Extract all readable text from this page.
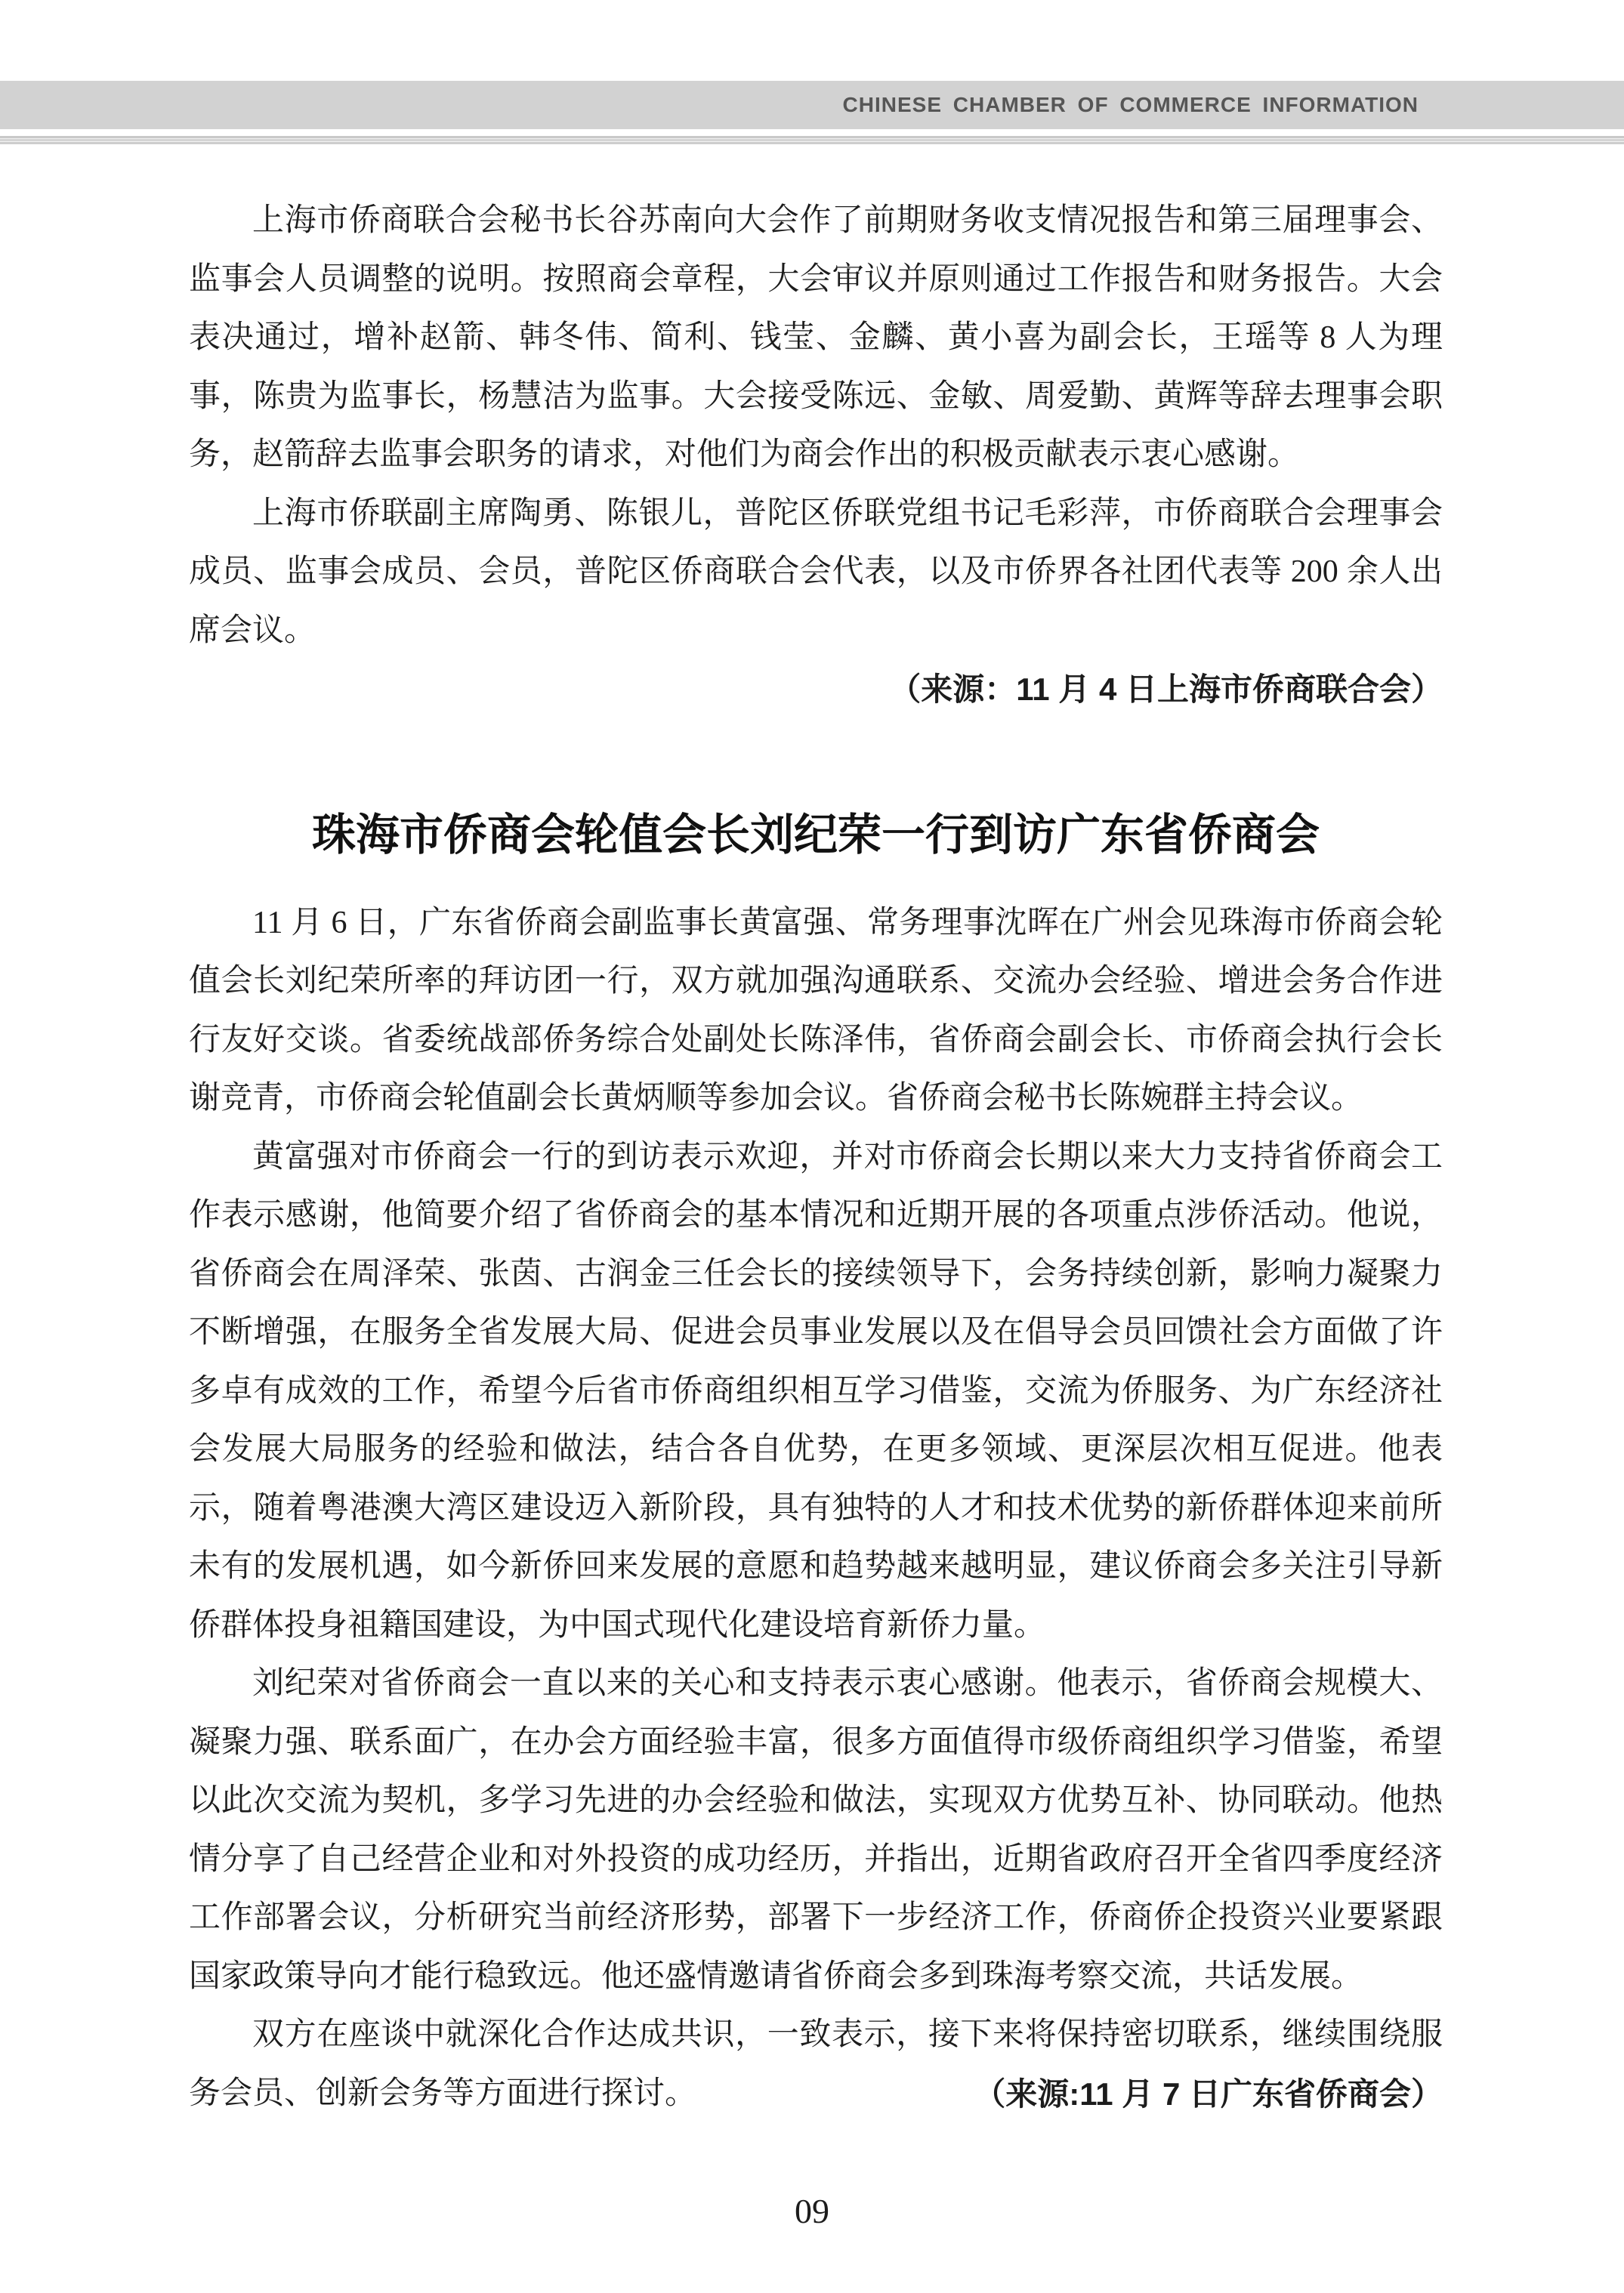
CHINESE CHAMBER OF COMMERCE INFORMATION

上海市侨商联合会秘书长谷苏南向大会作了前期财务收支情况报告和第三届理事会、监事会人员调整的说明。按照商会章程，大会审议并原则通过工作报告和财务报告。大会表决通过，增补赵箭、韩冬伟、简利、钱莹、金麟、黄小喜为副会长，王瑶等 8 人为理事，陈贵为监事长，杨慧洁为监事。大会接受陈远、金敏、周爱勤、黄辉等辞去理事会职务，赵箭辞去监事会职务的请求，对他们为商会作出的积极贡献表示衷心感谢。

上海市侨联副主席陶勇、陈银儿，普陀区侨联党组书记毛彩萍，市侨商联合会理事会成员、监事会成员、会员，普陀区侨商联合会代表，以及市侨界各社团代表等 200 余人出席会议。

（来源：11 月 4 日上海市侨商联合会）

珠海市侨商会轮值会长刘纪荣一行到访广东省侨商会

11 月 6 日，广东省侨商会副监事长黄富强、常务理事沈晖在广州会见珠海市侨商会轮值会长刘纪荣所率的拜访团一行，双方就加强沟通联系、交流办会经验、增进会务合作进行友好交谈。省委统战部侨务综合处副处长陈泽伟，省侨商会副会长、市侨商会执行会长谢竞青，市侨商会轮值副会长黄炳顺等参加会议。省侨商会秘书长陈婉群主持会议。

黄富强对市侨商会一行的到访表示欢迎，并对市侨商会长期以来大力支持省侨商会工作表示感谢，他简要介绍了省侨商会的基本情况和近期开展的各项重点涉侨活动。他说，省侨商会在周泽荣、张茵、古润金三任会长的接续领导下，会务持续创新，影响力凝聚力不断增强，在服务全省发展大局、促进会员事业发展以及在倡导会员回馈社会方面做了许多卓有成效的工作，希望今后省市侨商组织相互学习借鉴，交流为侨服务、为广东经济社会发展大局服务的经验和做法，结合各自优势，在更多领域、更深层次相互促进。他表示，随着粤港澳大湾区建设迈入新阶段，具有独特的人才和技术优势的新侨群体迎来前所未有的发展机遇，如今新侨回来发展的意愿和趋势越来越明显，建议侨商会多关注引导新侨群体投身祖籍国建设，为中国式现代化建设培育新侨力量。

刘纪荣对省侨商会一直以来的关心和支持表示衷心感谢。他表示，省侨商会规模大、凝聚力强、联系面广，在办会方面经验丰富，很多方面值得市级侨商组织学习借鉴，希望以此次交流为契机，多学习先进的办会经验和做法，实现双方优势互补、协同联动。他热情分享了自己经营企业和对外投资的成功经历，并指出，近期省政府召开全省四季度经济工作部署会议，分析研究当前经济形势，部署下一步经济工作，侨商侨企投资兴业要紧跟国家政策导向才能行稳致远。他还盛情邀请省侨商会多到珠海考察交流，共话发展。

双方在座谈中就深化合作达成共识，一致表示，接下来将保持密切联系，继续围绕服务会员、创新会务等方面进行探讨。	（来源:11 月 7 日广东省侨商会）

09
